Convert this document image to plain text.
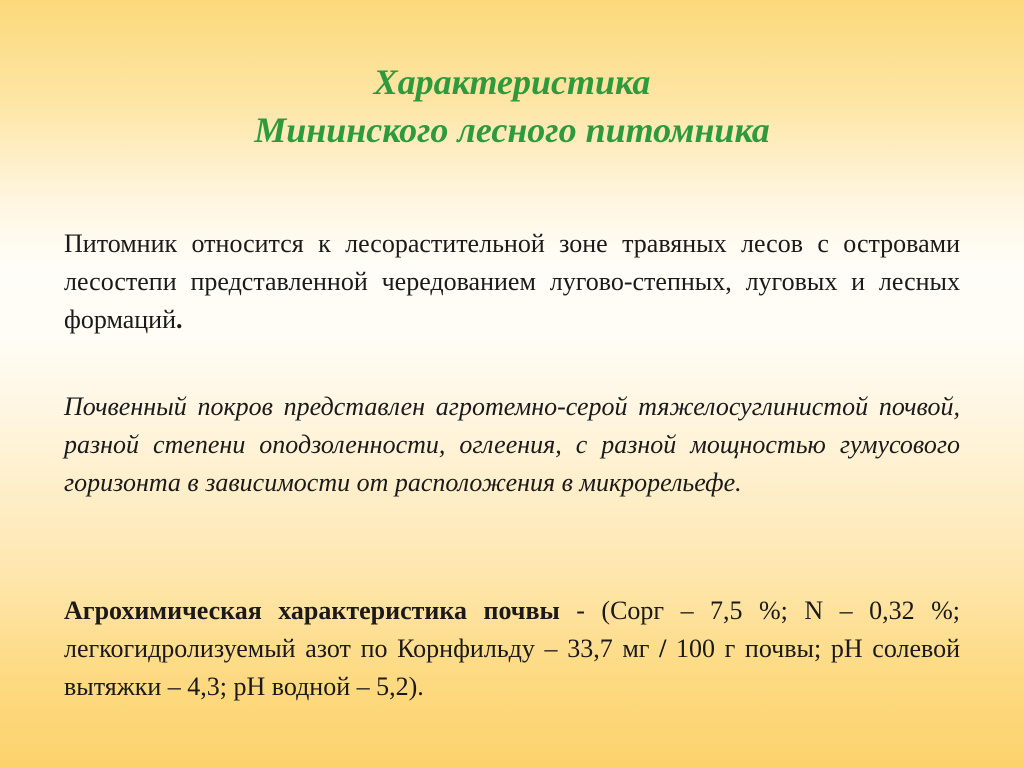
Характеристика
Мининского лесного питомника

Питомник относится к лесорастительной зоне травяных лесов с островами лесостепи представленной чередованием лугово-степных, луговых и лесных формаций.

Почвенный покров представлен агротемно-серой тяжелосуглинистой почвой, разной степени оподзоленности, оглеения, с разной мощностью гумусового горизонта в зависимости от расположения в микрорельефе.

Агрохимическая характеристика почвы - (Сорг – 7,5 %; N – 0,32 %; легкогидролизуемый азот по Корнфильду – 33,7 мг / 100 г почвы; рН солевой вытяжки – 4,3; рН водной – 5,2).
